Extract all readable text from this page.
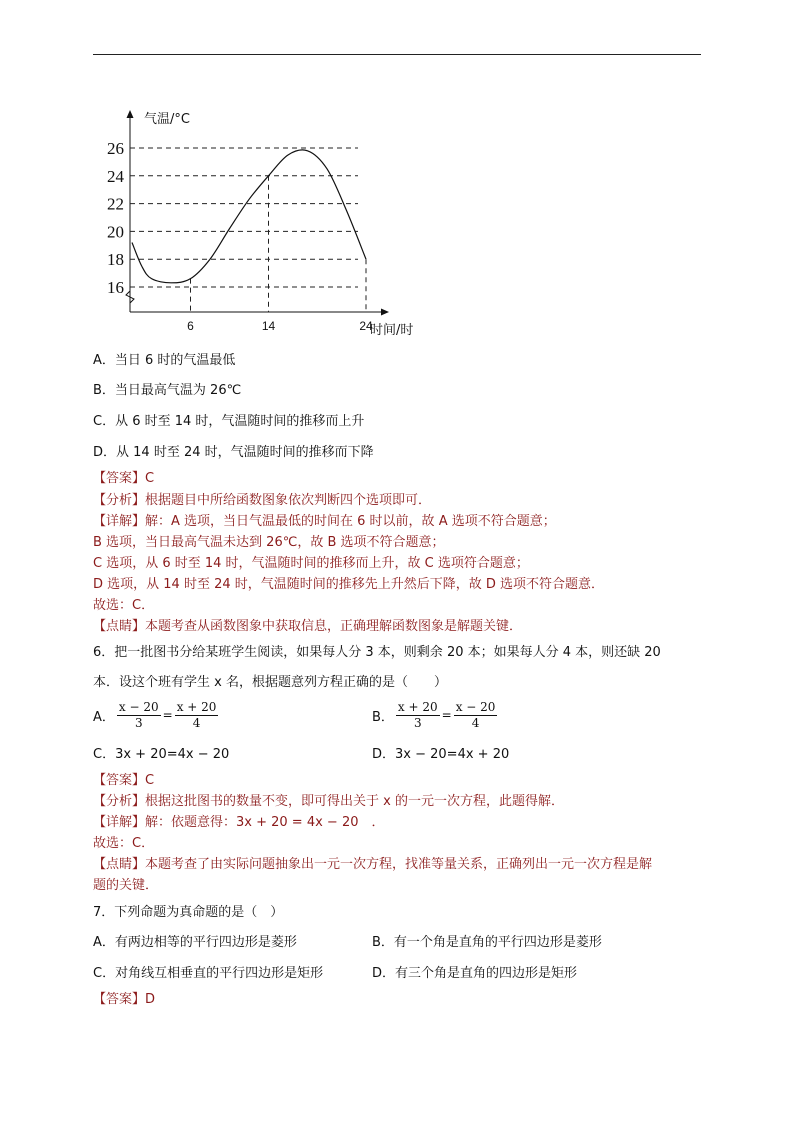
16
18
20
22
24
26
6	14	24
气温/°C
时间/时
A．当日 6 时的气温最低
B．当日最高气温为 26℃
C．从 6 时至 14 时，气温随时间的推移而上升
D．从 14 时至 24 时，气温随时间的推移而下降
【答案】C
【分析】根据题目中所给函数图象依次判断四个选项即可．
【详解】解：A 选项，当日气温最低的时间在 6 时以前，故 A 选项不符合题意；
B 选项，当日最高气温未达到 26℃，故 B 选项不符合题意；
C 选项，从 6 时至 14 时，气温随时间的推移而上升，故 C 选项符合题意；
D 选项，从 14 时至 24 时，气温随时间的推移先上升然后下降，故 D 选项不符合题意．
故选：C．
【点睛】本题考查从函数图象中获取信息，正确理解函数图象是解题关键．
6．把一批图书分给某班学生阅读，如果每人分 3 本，则剩余 20 本；如果每人分 4 本，则还缺 20
本．设这个班有学生 x 名，根据题意列方程正确的是（　　）
A． $\frac{x - 20}{3} = \frac{x + 20}{4}$	B． $\frac{x + 20}{3} = \frac{x - 20}{4}$
C．3x + 20=4x − 20	D．3x − 20=4x + 20
【答案】C
【分析】根据这批图书的数量不变，即可得出关于 x 的一元一次方程，此题得解．
【详解】解：依题意得：3x + 20 = 4x − 20　．
故选：C．
【点睛】本题考查了由实际问题抽象出一元一次方程，找准等量关系，正确列出一元一次方程是解
题的关键．
7．下列命题为真命题的是（　）
A．有两边相等的平行四边形是菱形	B．有一个角是直角的平行四边形是菱形
C．对角线互相垂直的平行四边形是矩形	D．有三个角是直角的四边形是矩形
【答案】D
